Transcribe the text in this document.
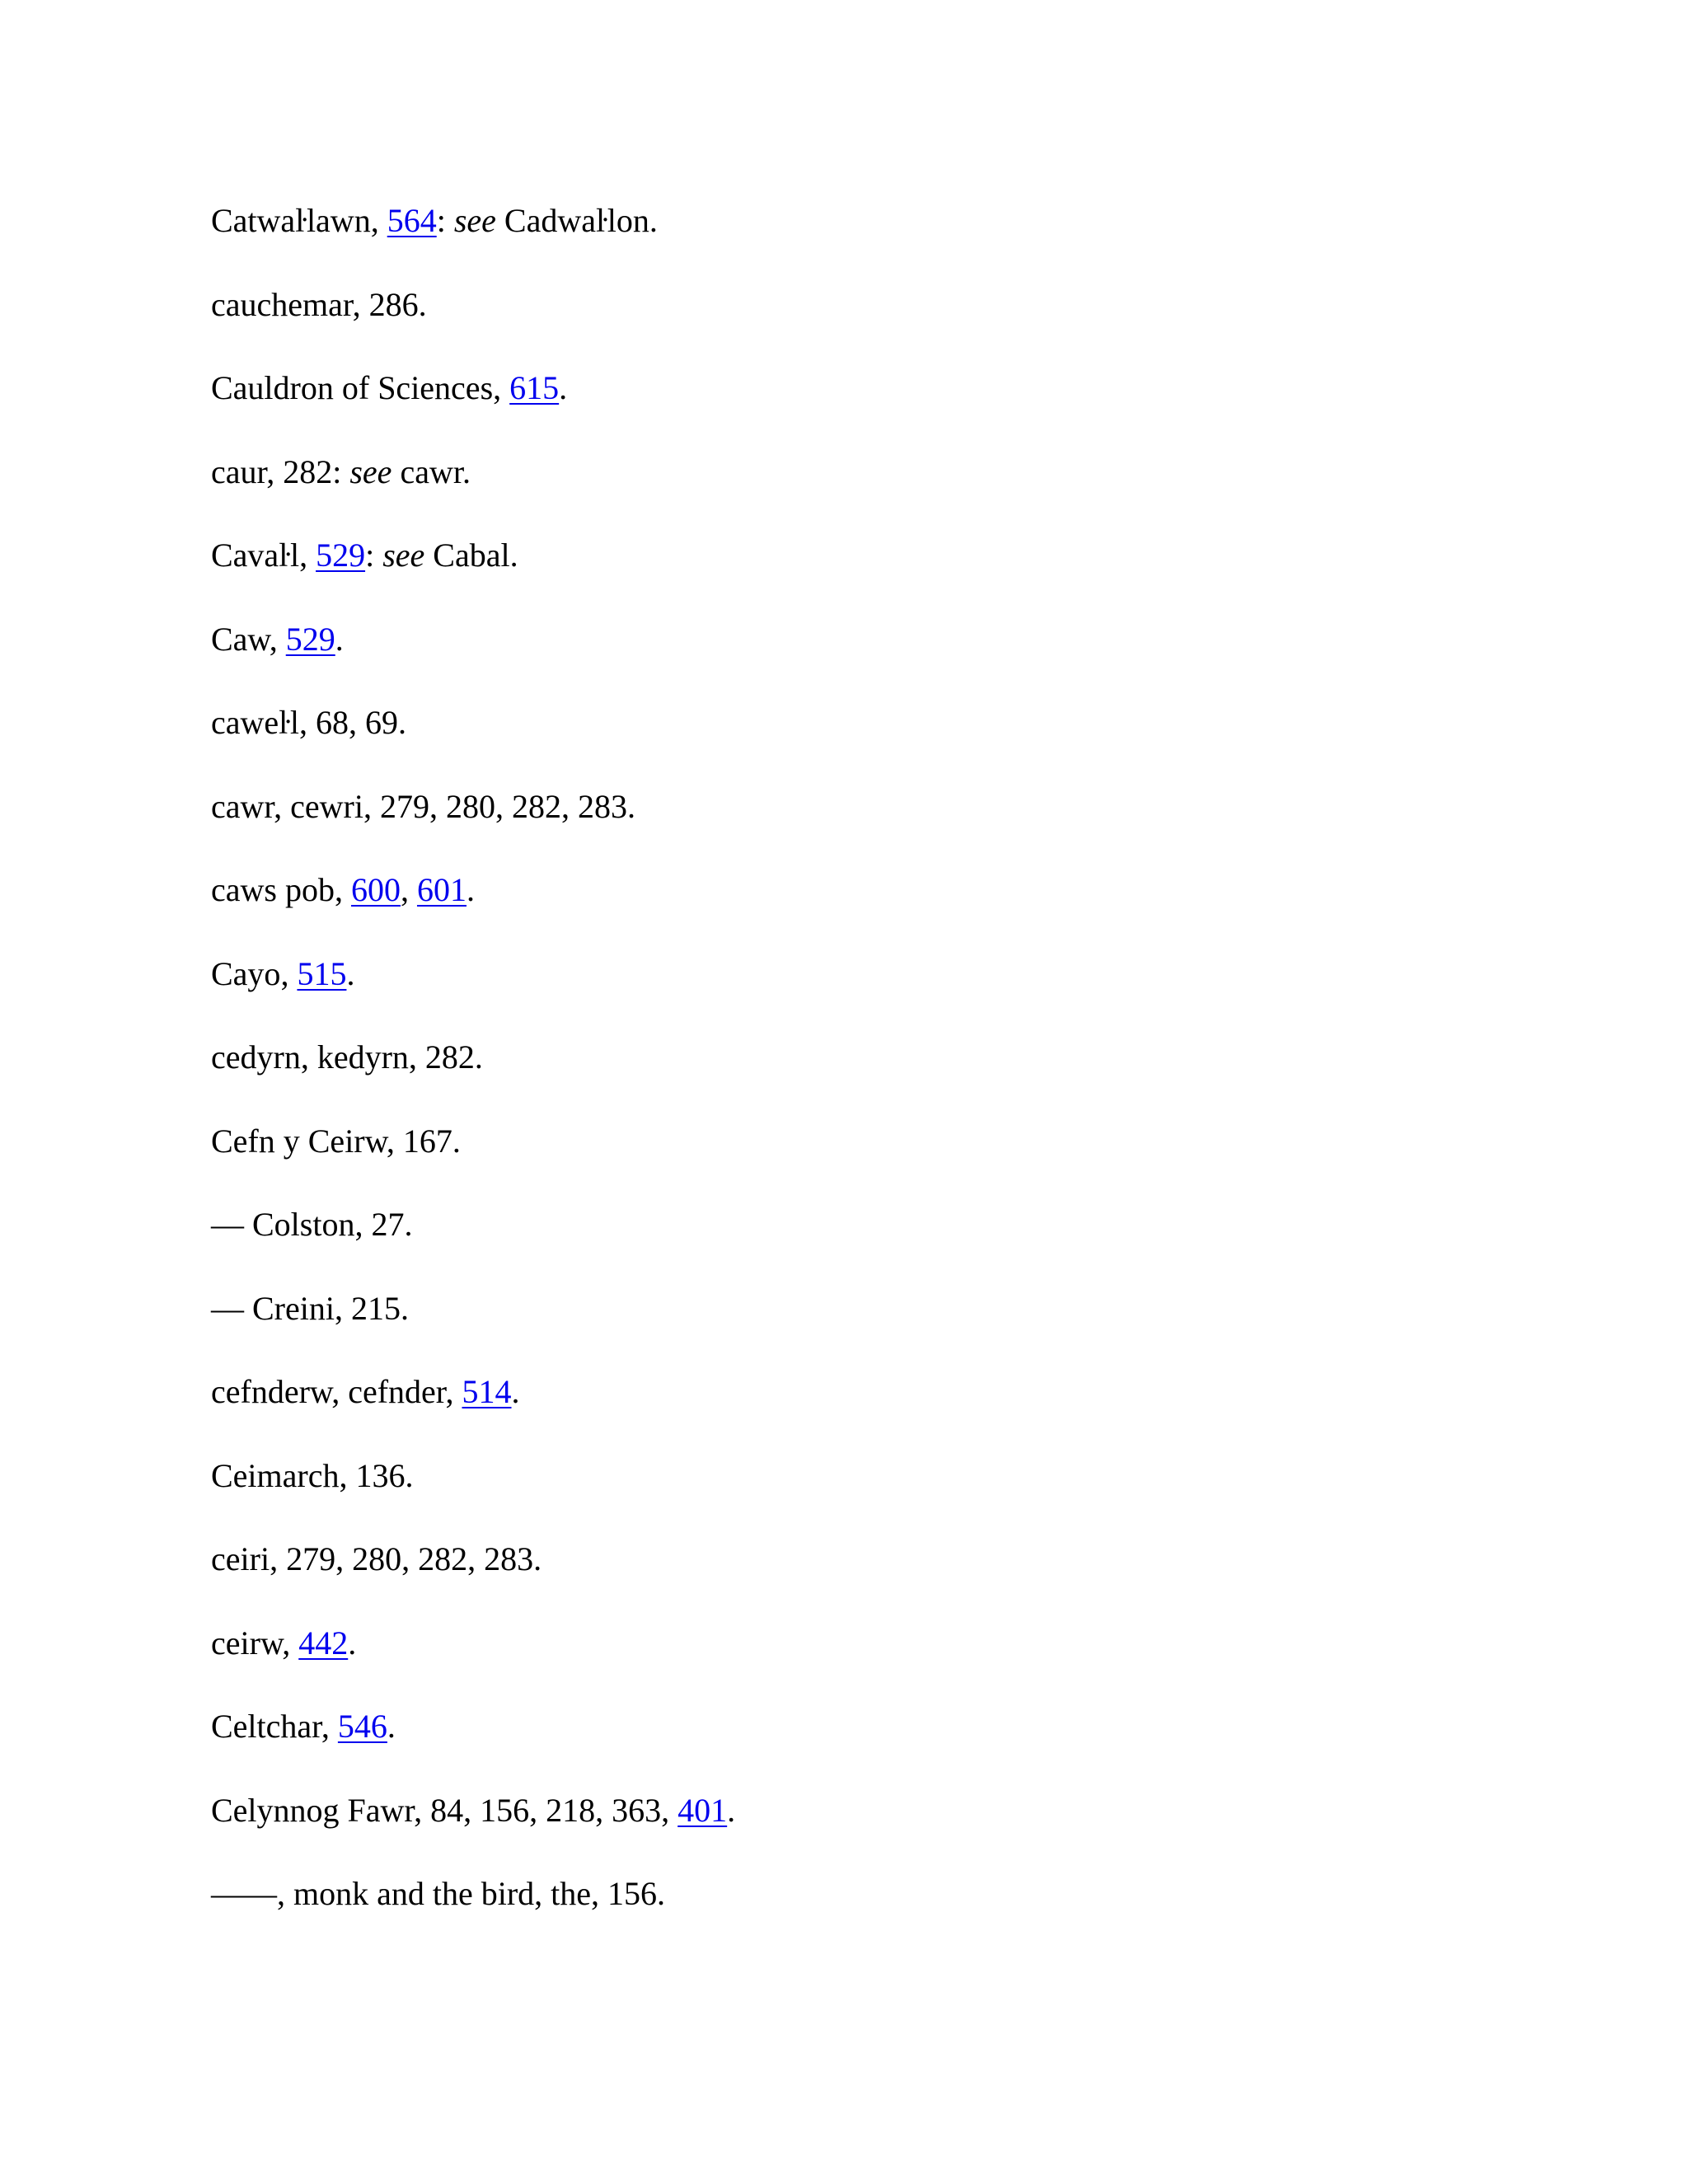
Catwaŀlawn, 564: see Cadwaŀlon.
cauchemar, 286.
Cauldron of Sciences, 615.
caur, 282: see cawr.
Cavaŀl, 529: see Cabal.
Caw, 529.
caweŀl, 68, 69.
cawr, cewri, 279, 280, 282, 283.
caws pob, 600, 601.
Cayo, 515.
cedyrn, kedyrn, 282.
Cefn y Ceirw, 167.
— Colston, 27.
— Creini, 215.
cefnderw, cefnder, 514.
Ceimarch, 136.
ceiri, 279, 280, 282, 283.
ceirw, 442.
Celtchar, 546.
Celynnog Fawr, 84, 156, 218, 363, 401.
——, monk and the bird, the, 156.
